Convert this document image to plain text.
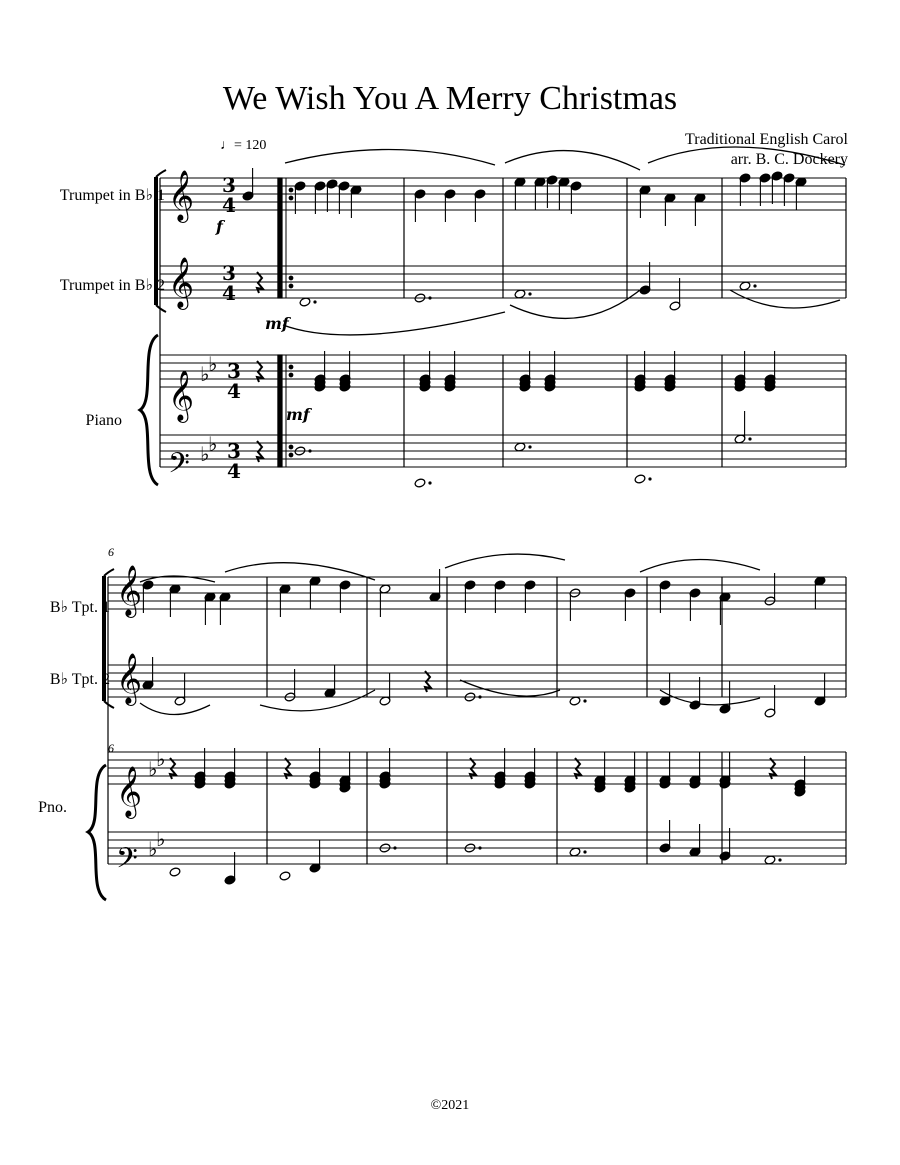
We Wish You A Merry Christmas
Traditional English Carol
arr. B. C. Dockery
♩= 120
Trumpet in B♭ 1
Trumpet in B♭ 2
Piano
B♭ Tpt. 1
B♭ Tpt. 2
Pno.
©2021
𝄞
𝄞
𝄞
𝄢
𝄞
𝄞
𝄞
𝄢
♭
♭
♭
♭
♭
♭
♭
♭
3
4
3
4
3
4
3
4
f
mf
mf
6
6
